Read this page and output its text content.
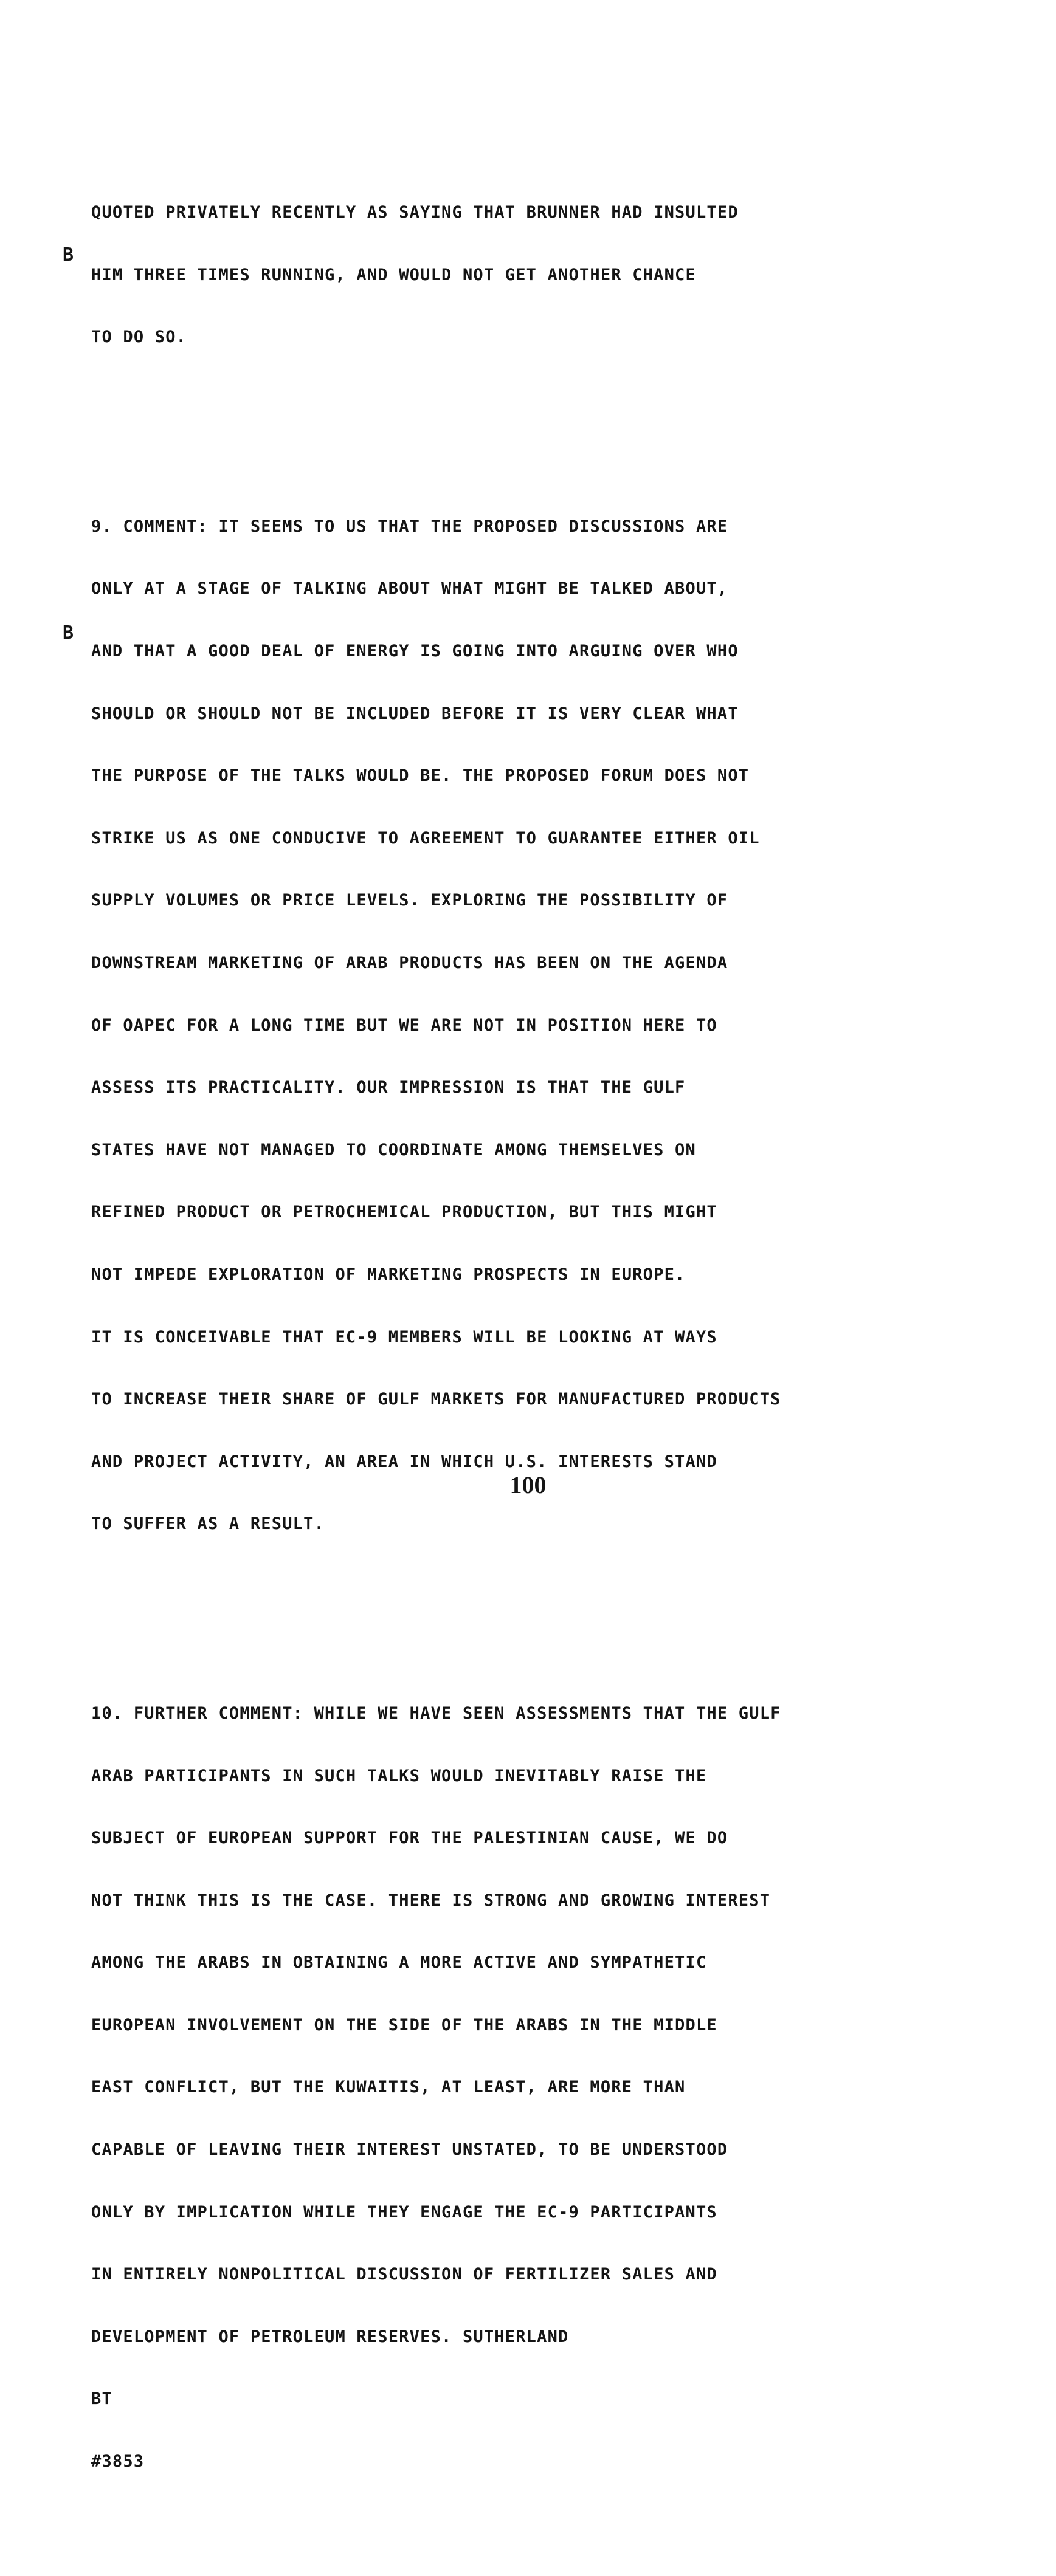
B
B

QUOTED PRIVATELY RECENTLY AS SAYING THAT BRUNNER HAD INSULTED

HIM THREE TIMES RUNNING, AND WOULD NOT GET ANOTHER CHANCE

TO DO SO.

9. COMMENT: IT SEEMS TO US THAT THE PROPOSED DISCUSSIONS ARE

ONLY AT A STAGE OF TALKING ABOUT WHAT MIGHT BE TALKED ABOUT,

AND THAT A GOOD DEAL OF ENERGY IS GOING INTO ARGUING OVER WHO

SHOULD OR SHOULD NOT BE INCLUDED BEFORE IT IS VERY CLEAR WHAT

THE PURPOSE OF THE TALKS WOULD BE. THE PROPOSED FORUM DOES NOT

STRIKE US AS ONE CONDUCIVE TO AGREEMENT TO GUARANTEE EITHER OIL

SUPPLY VOLUMES OR PRICE LEVELS. EXPLORING THE POSSIBILITY OF

DOWNSTREAM MARKETING OF ARAB PRODUCTS HAS BEEN ON THE AGENDA

OF OAPEC FOR A LONG TIME BUT WE ARE NOT IN POSITION HERE TO

ASSESS ITS PRACTICALITY. OUR IMPRESSION IS THAT THE GULF

STATES HAVE NOT MANAGED TO COORDINATE AMONG THEMSELVES ON

REFINED PRODUCT OR PETROCHEMICAL PRODUCTION, BUT THIS MIGHT

NOT IMPEDE EXPLORATION OF MARKETING PROSPECTS IN EUROPE.

IT IS CONCEIVABLE THAT EC-9 MEMBERS WILL BE LOOKING AT WAYS

TO INCREASE THEIR SHARE OF GULF MARKETS FOR MANUFACTURED PRODUCTS

AND PROJECT ACTIVITY, AN AREA IN WHICH U.S. INTERESTS STAND

TO SUFFER AS A RESULT.

10. FURTHER COMMENT: WHILE WE HAVE SEEN ASSESSMENTS THAT THE GULF

ARAB PARTICIPANTS IN SUCH TALKS WOULD INEVITABLY RAISE THE

SUBJECT OF EUROPEAN SUPPORT FOR THE PALESTINIAN CAUSE, WE DO

NOT THINK THIS IS THE CASE. THERE IS STRONG AND GROWING INTEREST

AMONG THE ARABS IN OBTAINING A MORE ACTIVE AND SYMPATHETIC

EUROPEAN INVOLVEMENT ON THE SIDE OF THE ARABS IN THE MIDDLE

EAST CONFLICT, BUT THE KUWAITIS, AT LEAST, ARE MORE THAN

CAPABLE OF LEAVING THEIR INTEREST UNSTATED, TO BE UNDERSTOOD

ONLY BY IMPLICATION WHILE THEY ENGAGE THE EC-9 PARTICIPANTS

IN ENTIRELY NONPOLITICAL DISCUSSION OF FERTILIZER SALES AND

DEVELOPMENT OF PETROLEUM RESERVES. SUTHERLAND

BT

#3853

100
